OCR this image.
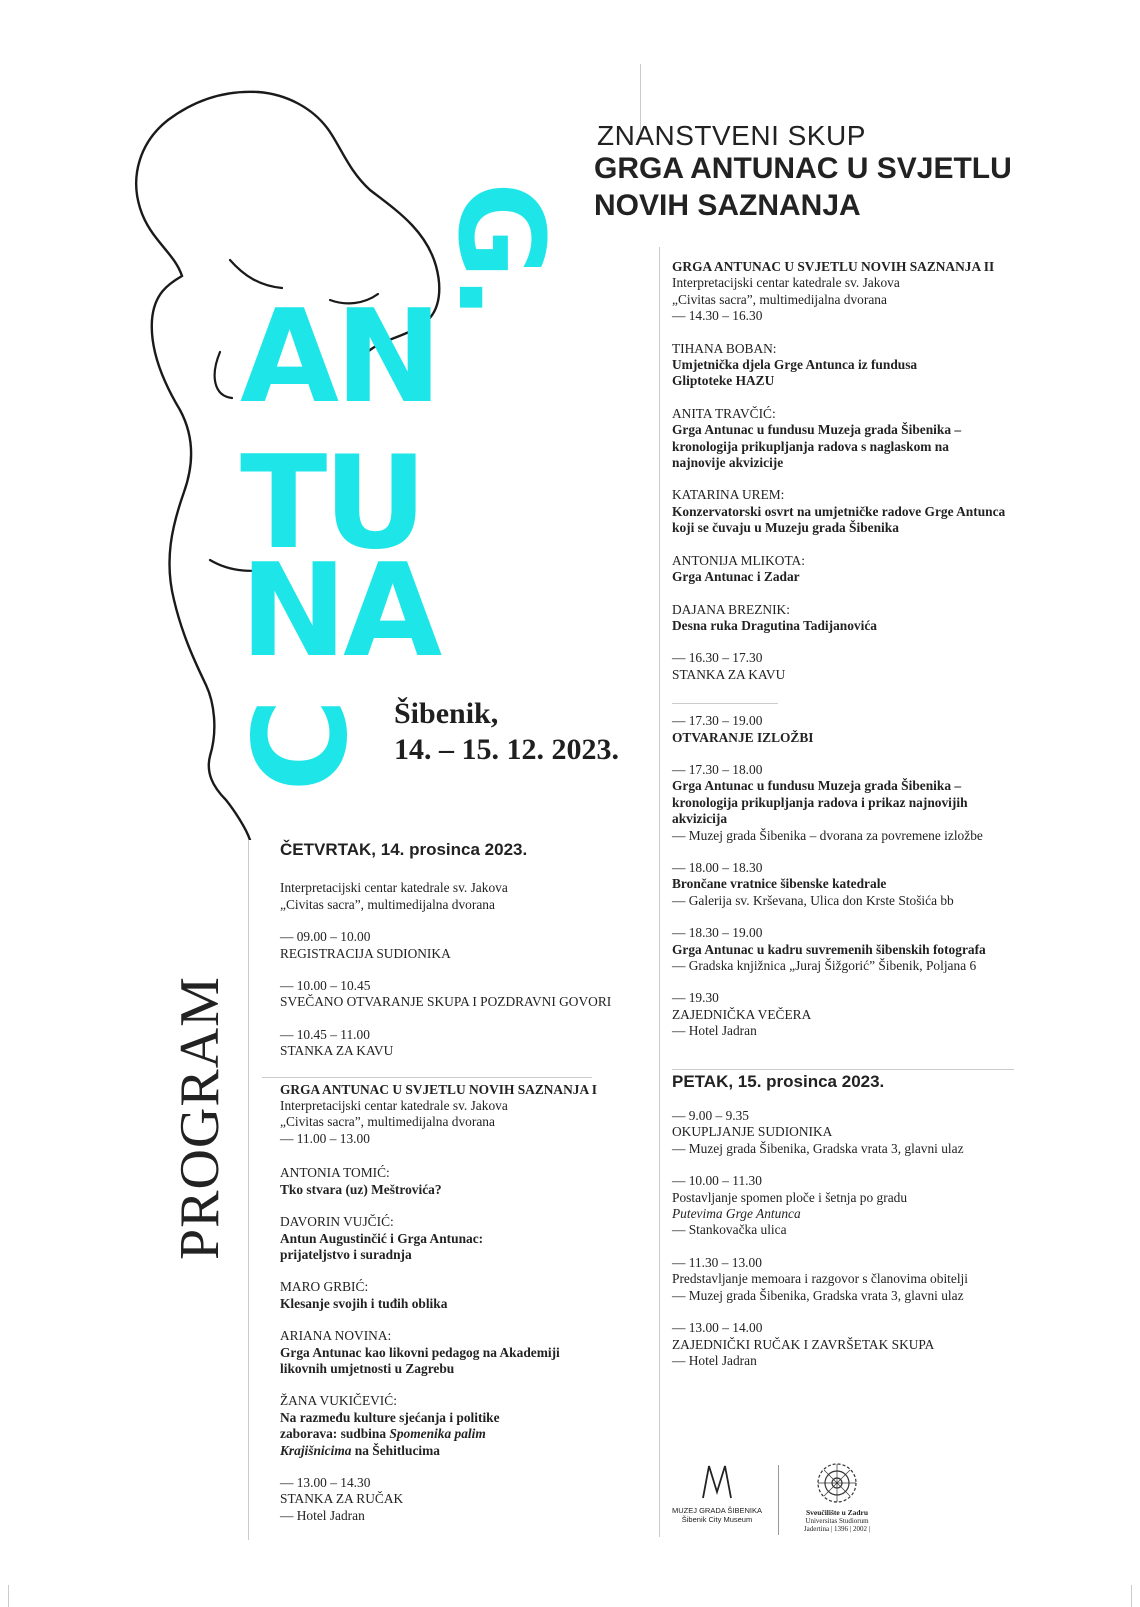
ZNANSTVENI SKUP
GRGA ANTUNAC U SVJETLU
NOVIH SAZNANJA
G.
AN
TU
NA
C Šibenik,
14. – 15. 12. 2023.
PROGRAM
ČETVRTAK, 14. prosinca 2023.
Interpretacijski centar katedrale sv. Jakova
„Civitas sacra”, multimedijalna dvorana
— 09.00 – 10.00
REGISTRACIJA SUDIONIKA
— 10.00 – 10.45
SVEČANO OTVARANJE SKUPA I POZDRAVNI GOVORI
— 10.45 – 11.00
STANKA ZA KAVU
GRGA ANTUNAC U SVJETLU NOVIH SAZNANJA I
Interpretacijski centar katedrale sv. Jakova
„Civitas sacra”, multimedijalna dvorana
— 11.00 – 13.00
ANTONIA TOMIĆ:
Tko stvara (uz) Meštrovića?
DAVORIN VUJČIĆ:
Antun Augustinčić i Grga Antunac: prijateljstvo i suradnja
MARO GRBIĆ:
Klesanje svojih i tuđih oblika
ARIANA NOVINA:
Grga Antunac kao likovni pedagog na Akademiji likovnih umjetnosti u Zagrebu
ŽANA VUKIČEVIĆ:
Na razmeđu kulture sjećanja i politike zaborava: sudbina Spomenika palim Krajišnicima na Šehitlucima
— 13.00 – 14.30
STANKA ZA RUČAK
— Hotel Jadran
GRGA ANTUNAC U SVJETLU NOVIH SAZNANJA II
Interpretacijski centar katedrale sv. Jakova
„Civitas sacra”, multimedijalna dvorana
— 14.30 – 16.30
TIHANA BOBAN:
Umjetnička djela Grge Antunca iz fundusa Gliptoteke HAZU
ANITA TRAVČIĆ:
Grga Antunac u fundusu Muzeja grada Šibenika – kronologija prikupljanja radova s naglaskom na najnovije akvizicije
KATARINA UREM:
Konzervatorski osvrt na umjetničke radove Grge Antunca koji se čuvaju u Muzeju grada Šibenika
ANTONIJA MLIKOTA:
Grga Antunac i Zadar
DAJANA BREZNIK:
Desna ruka Dragutina Tadijanovića
— 16.30 – 17.30
STANKA ZA KAVU
— 17.30 – 19.00
OTVARANJE IZLOŽBI
— 17.30 – 18.00
Grga Antunac u fundusu Muzeja grada Šibenika – kronologija prikupljanja radova i prikaz najnovijih akvizicija
— Muzej grada Šibenika – dvorana za povremene izložbe
— 18.00 – 18.30
Brončane vratnice šibenske katedrale
— Galerija sv. Krševana, Ulica don Krste Stošića bb
— 18.30 – 19.00
Grga Antunac u kadru suvremenih šibenskih fotografa
— Gradska knjižnica „Juraj Šižgorić” Šibenik, Poljana 6
— 19.30
ZAJEDNIČKA VEČERA
— Hotel Jadran
PETAK, 15. prosinca 2023.
— 9.00 – 9.35
OKUPLJANJE SUDIONIKA
— Muzej grada Šibenika, Gradska vrata 3, glavni ulaz
— 10.00 – 11.30
Postavljanje spomen ploče i šetnja po gradu
Putevima Grge Antunca
— Stankovačka ulica
— 11.30 – 13.00
Predstavljanje memoara i razgovor s članovima obitelji
— Muzej grada Šibenika, Gradska vrata 3, glavni ulaz
— 13.00 – 14.00
ZAJEDNIČKI RUČAK I ZAVRŠETAK SKUPA
— Hotel Jadran
MUZEJ GRADA ŠIBENIKA
Šibenik City Museum
Sveučilište u Zadru
Universitas Studiorum
Jadertina | 1396 | 2002 |
